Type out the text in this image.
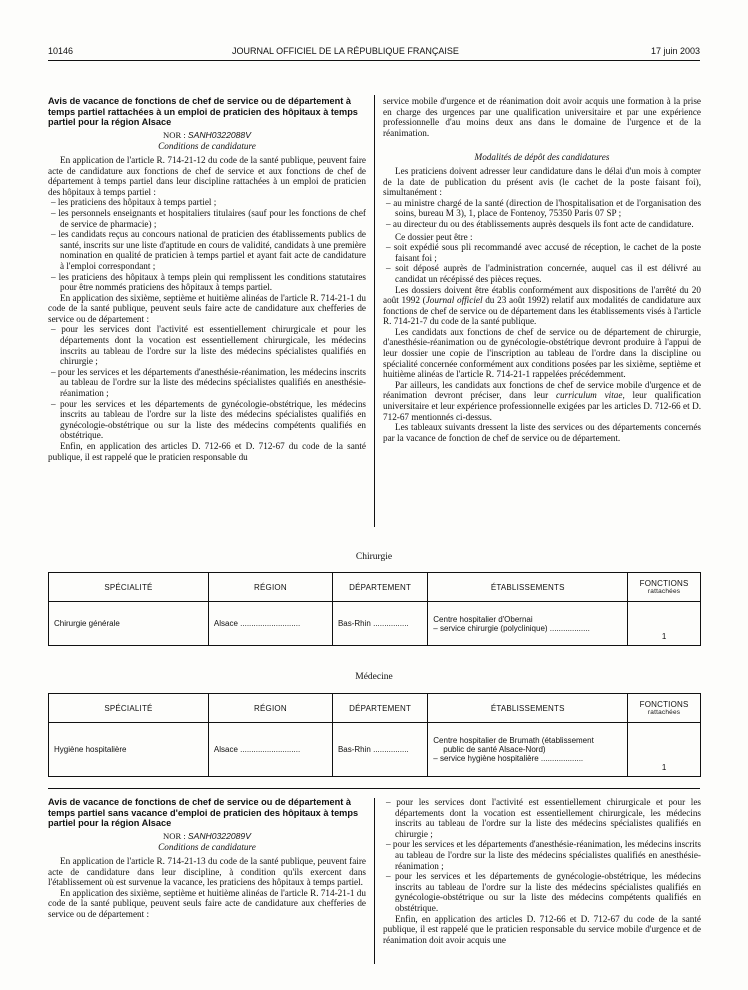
10146	JOURNAL OFFICIEL DE LA RÉPUBLIQUE FRANÇAISE	17 juin 2003
Avis de vacance de fonctions de chef de service ou de département à temps partiel rattachées à un emploi de praticien des hôpitaux à temps partiel pour la région Alsace
NOR : SANH0322088V
Conditions de candidature

En application de l'article R. 714-21-12 du code de la santé publique, peuvent faire acte de candidature aux fonctions de chef de service et aux fonctions de chef de département à temps partiel dans leur discipline rattachées à un emploi de praticien des hôpitaux à temps partiel :

– les praticiens des hôpitaux à temps partiel ;
– les personnels enseignants et hospitaliers titulaires (sauf pour les fonctions de chef de service de pharmacie) ;
– les candidats reçus au concours national de praticien des établissements publics de santé, inscrits sur une liste d'aptitude en cours de validité, candidats à une première nomination en qualité de praticien à temps partiel et ayant fait acte de candidature à l'emploi correspondant ;
– les praticiens des hôpitaux à temps plein qui remplissent les conditions statutaires pour être nommés praticiens des hôpitaux à temps partiel.

En application des sixième, septième et huitième alinéas de l'article R. 714-21-1 du code de la santé publique, peuvent seuls faire acte de candidature aux chefferies de service ou de département :

– pour les services dont l'activité est essentiellement chirurgicale et pour les départements dont la vocation est essentiellement chirurgicale, les médecins inscrits au tableau de l'ordre sur la liste des médecins spécialistes qualifiés en chirurgie ;
– pour les services et les départements d'anesthésie-réanimation, les médecins inscrits au tableau de l'ordre sur la liste des médecins spécialistes qualifiés en anesthésie-réanimation ;
– pour les services et les départements de gynécologie-obstétrique, les médecins inscrits au tableau de l'ordre sur la liste des médecins spécialistes qualifiés en gynécologie-obstétrique ou sur la liste des médecins compétents qualifiés en obstétrique.

Enfin, en application des articles D. 712-66 et D. 712-67 du code de la santé publique, il est rappelé que le praticien responsable du

service mobile d'urgence et de réanimation doit avoir acquis une formation à la prise en charge des urgences par une qualification universitaire et par une expérience professionnelle d'au moins deux ans dans le domaine de l'urgence et de la réanimation.

Modalités de dépôt des candidatures

Les praticiens doivent adresser leur candidature dans le délai d'un mois à compter de la date de publication du présent avis (le cachet de la poste faisant foi), simultanément :

– au ministre chargé de la santé (direction de l'hospitalisation et de l'organisation des soins, bureau M 3), 1, place de Fontenoy, 75350 Paris 07 SP ;
– au directeur du ou des établissements auprès desquels ils font acte de candidature.

Ce dossier peut être :

– soit expédié sous pli recommandé avec accusé de réception, le cachet de la poste faisant foi ;
– soit déposé auprès de l'administration concernée, auquel cas il est délivré au candidat un récépissé des pièces reçues.

Les dossiers doivent être établis conformément aux dispositions de l'arrêté du 20 août 1992 (Journal officiel du 23 août 1992) relatif aux modalités de candidature aux fonctions de chef de service ou de département dans les établissements visés à l'article R. 714-21-7 du code de la santé publique.

Les candidats aux fonctions de chef de service ou de département de chirurgie, d'anesthésie-réanimation ou de gynécologie-obstétrique devront produire à l'appui de leur dossier une copie de l'inscription au tableau de l'ordre dans la discipline ou spécialité concernée conformément aux conditions posées par les sixième, septième et huitième alinéas de l'article R. 714-21-1 rappelées précédemment.

Par ailleurs, les candidats aux fonctions de chef de service mobile d'urgence et de réanimation devront préciser, dans leur curriculum vitae, leur qualification universitaire et leur expérience professionnelle exigées par les articles D. 712-66 et D. 712-67 mentionnés ci-dessus.

Les tableaux suivants dressent la liste des services ou des départements concernés par la vacance de fonction de chef de service ou de département.

Chirurgie
SPÉCIALITÉ	RÉGION	DÉPARTEMENT	ÉTABLISSEMENTS	FONCTIONS
rattachées

Chirurgie générale	Alsace ...........................	Bas-Rhin ................	Centre hospitalier d'Obernai
– service chirurgie (polyclinique) ..................	1
Médecine
SPÉCIALITÉ	RÉGION	DÉPARTEMENT	ÉTABLISSEMENTS	FONCTIONS
rattachées

Hygiène hospitalière	Alsace ...........................	Bas-Rhin ................	Centre hospitalier de Brumath (établissement
public de santé Alsace-Nord)
– service hygiène hospitalière ...................	1
Avis de vacance de fonctions de chef de service ou de département à temps partiel sans vacance d'emploi de praticien des hôpitaux à temps partiel pour la région Alsace
NOR : SANH0322089V
Conditions de candidature

En application de l'article R. 714-21-13 du code de la santé publique, peuvent faire acte de candidature dans leur discipline, à condition qu'ils exercent dans l'établissement où est survenue la vacance, les praticiens des hôpitaux à temps partiel.

En application des sixième, septième et huitième alinéas de l'article R. 714-21-1 du code de la santé publique, peuvent seuls faire acte de candidature aux chefferies de service ou de département :

– pour les services dont l'activité est essentiellement chirurgicale et pour les départements dont la vocation est essentiellement chirurgicale, les médecins inscrits au tableau de l'ordre sur la liste des médecins spécialistes qualifiés en chirurgie ;
– pour les services et les départements d'anesthésie-réanimation, les médecins inscrits au tableau de l'ordre sur la liste des médecins spécialistes qualifiés en anesthésie-réanimation ;
– pour les services et les départements de gynécologie-obstétrique, les médecins inscrits au tableau de l'ordre sur la liste des médecins spécialistes qualifiés en gynécologie-obstétrique ou sur la liste des médecins compétents qualifiés en obstétrique.

Enfin, en application des articles D. 712-66 et D. 712-67 du code de la santé publique, il est rappelé que le praticien responsable du service mobile d'urgence et de réanimation doit avoir acquis une
